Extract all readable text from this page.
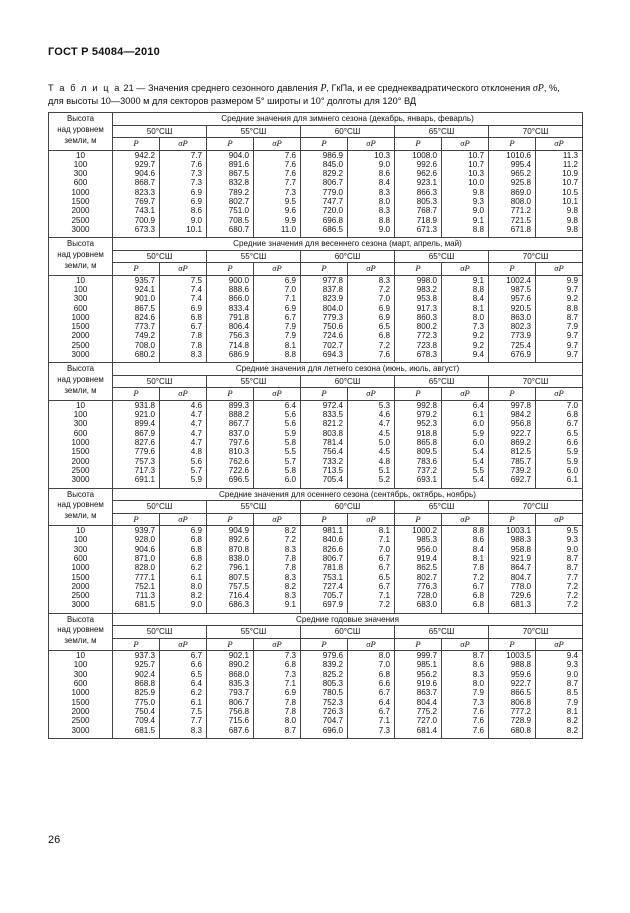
ГОСТ Р 54084—2010
Т а б л и ц а 21 — Значения среднего сезонного давления P, ГкПа, и ее среднеквадратического отклонения σP, %,
для высоты 10—3000 м для секторов размером 5° широты и 10° долготы для 120° ВД
Высота
над уровнем
земли, м	Средние значения для зимнего сезона (декабрь, январь, феварль)									
	50°СШ		55°СШ		60°СШ		65°СШ		70°СШ	
	P	σP	P	σP	P	σP	P	σP	P	σP
10	942.2	7.7	904.0	7.6	986.9	10.3	1008.0	10.7	1010.6	11.3
100	929.7	7.6	891.6	7.6	845.0	9.0	992.6	10.7	995.4	11.2
300	904.6	7.3	867.5	7.6	829.2	8.6	962.6	10.3	965.2	10.9
600	868.7	7.3	832.8	7.7	806.7	8.4	923.1	10.0	925.8	10.7
1000	823.3	6.9	789.2	7.3	779.0	8.3	866.3	9.8	869.0	10.5
1500	769.7	6.9	802.7	9.5	747.7	8.0	805.3	9.3	808.0	10.1
2000	743.1	8.6	751.0	9.6	720.0	8.3	768.7	9.0	771.2	9.8
2500	700.9	9.0	708.5	9.9	696.8	8.8	718.9	9.1	721.5	9.8
3000	673.3	10.1	680.7	11.0	686.5	9.0	671.3	8.8	671.8	9.8

Высота
над уровнем
земли, м	Средние значения для весеннего сезона (март, апрель, май)									
	50°СШ		55°СШ		60°СШ		65°СШ		70°СШ	
	P	σP	P	σP	P	σP	P	σP	P	σP
10	935.7	7.5	900.0	6.9	977.8	8.3	998.0	9.1	1002.4	9.9
100	924.1	7.4	888.6	7.0	837.8	7.2	983.2	8.8	987.5	9.7
300	901.0	7.4	866.0	7.1	823.9	7.0	953.8	8.4	957.6	9.2
600	867.5	6.9	833.4	6.9	804.0	6.9	917.3	8.1	920.5	8.8
1000	824.6	6.8	791.8	6.7	779.3	6.9	860.3	8.0	863.0	8.7
1500	773.7	6.7	806.4	7.9	750.6	6.5	800.2	7.3	802.3	7.9
2000	749.2	7.8	756.3	7.9	724.6	6.8	772.3	9.2	773.9	9.7
2500	708.0	7.8	714.8	8.1	702.7	7.2	723.8	9.2	725.4	9.7
3000	680.2	8.3	686.9	8.8	694.3	7.6	678.3	9.4	676.9	9.7

Высота
над уровнем
земли, м	Средние значения для летнего сезона (июнь, июль, август)									
	50°СШ		55°СШ		60°СШ		65°СШ		70°СШ	
	P	σP	P	σP	P	σP	P	σP	P	σP
10	931.8	4.6	899.3	6.4	972.4	5.3	992.8	6.4	997.8	7.0
100	921.0	4.7	888.2	5.6	833.5	4.6	979.2	6.1	984.2	6.8
300	899.4	4.7	867.7	5.6	821.2	4.7	952.3	6.0	956.8	6.7
600	867.9	4.7	837.0	5.9	803.8	4.5	918.8	5.9	922.7	6.5
1000	827.6	4.7	797.6	5.8	781.4	5.0	865.8	6.0	869.2	6.6
1500	779.6	4.8	810.3	5.5	756.4	4.5	809.5	5.4	812.5	5.9
2000	757.3	5.6	762.6	5.7	733.2	4.8	783.6	5.4	785.7	5.9
2500	717.3	5.7	722.6	5.8	713.5	5.1	737.2	5.5	739.2	6.0
3000	691.1	5.9	696.5	6.0	705.4	5.2	693.1	5.4	692.7	6.1

Высота
над уровнем
земли, м	Средние значения для осеннего сезона (сентябрь, октябрь, ноябрь)									
	50°СШ		55°СШ		60°СШ		65°СШ		70°СШ	
	P	σP	P	σP	P	σP	P	σP	P	σP
10	939.7	6.9	904.9	8.2	981.1	8.1	1000.2	8.8	1003.1	9.5
100	928.0	6.8	892.6	7.2	840.6	7.1	985.3	8.6	988.3	9.3
300	904.6	6.8	870.8	8.3	826.6	7.0	956.0	8.4	958.8	9.0
600	871.0	6.8	838.0	7.8	806.7	6.7	919.4	8.1	921.9	8.7
1000	828.0	6.2	796.1	7.8	781.8	6.7	862.5	7.8	864.7	8.7
1500	777.1	6.1	807.5	8.3	753.1	6.5	802.7	7.2	804.7	7.7
2000	752.1	8.0	757.5	8.2	727.4	6.7	776.3	6.7	778.0	7.2
2500	711.3	8.2	716.4	8.3	705.7	7.1	728.0	6.8	729.6	7.2
3000	681.5	9.0	686.3	9.1	697.9	7.2	683.0	6.8	681.3	7.2

Высота
над уровнем
земли, м	Средние годовые значения									
	50°СШ		55°СШ		60°СШ		65°СШ		70°СШ	
	P	σP	P	σP	P	σP	P	σP	P	σP
10	937.3	6.7	902.1	7.3	979.6	8.0	999.7	8.7	1003.5	9.4
100	925.7	6.6	890.2	6.8	839.2	7.0	985.1	8.6	988.8	9.3
300	902.4	6.5	868.0	7.3	825.2	6.8	956.2	8.3	959.6	9.0
600	868.8	6.4	835.3	7.1	805.3	6.6	919.6	8.0	922.7	8.7
1000	825.9	6.2	793.7	6.9	780.5	6.7	863.7	7.9	866.5	8.5
1500	775.0	6.1	806.7	7.8	752.3	6.4	804.4	7.3	806.8	7.9
2000	750.4	7.5	756.8	7.8	726.3	6.7	775.2	7.6	777.2	8.1
2500	709.4	7.7	715.6	8.0	704.7	7.1	727.0	7.6	728.9	8.2
3000	681.5	8.3	687.6	8.7	696.0	7.3	681.4	7.6	680.8	8.2

26
